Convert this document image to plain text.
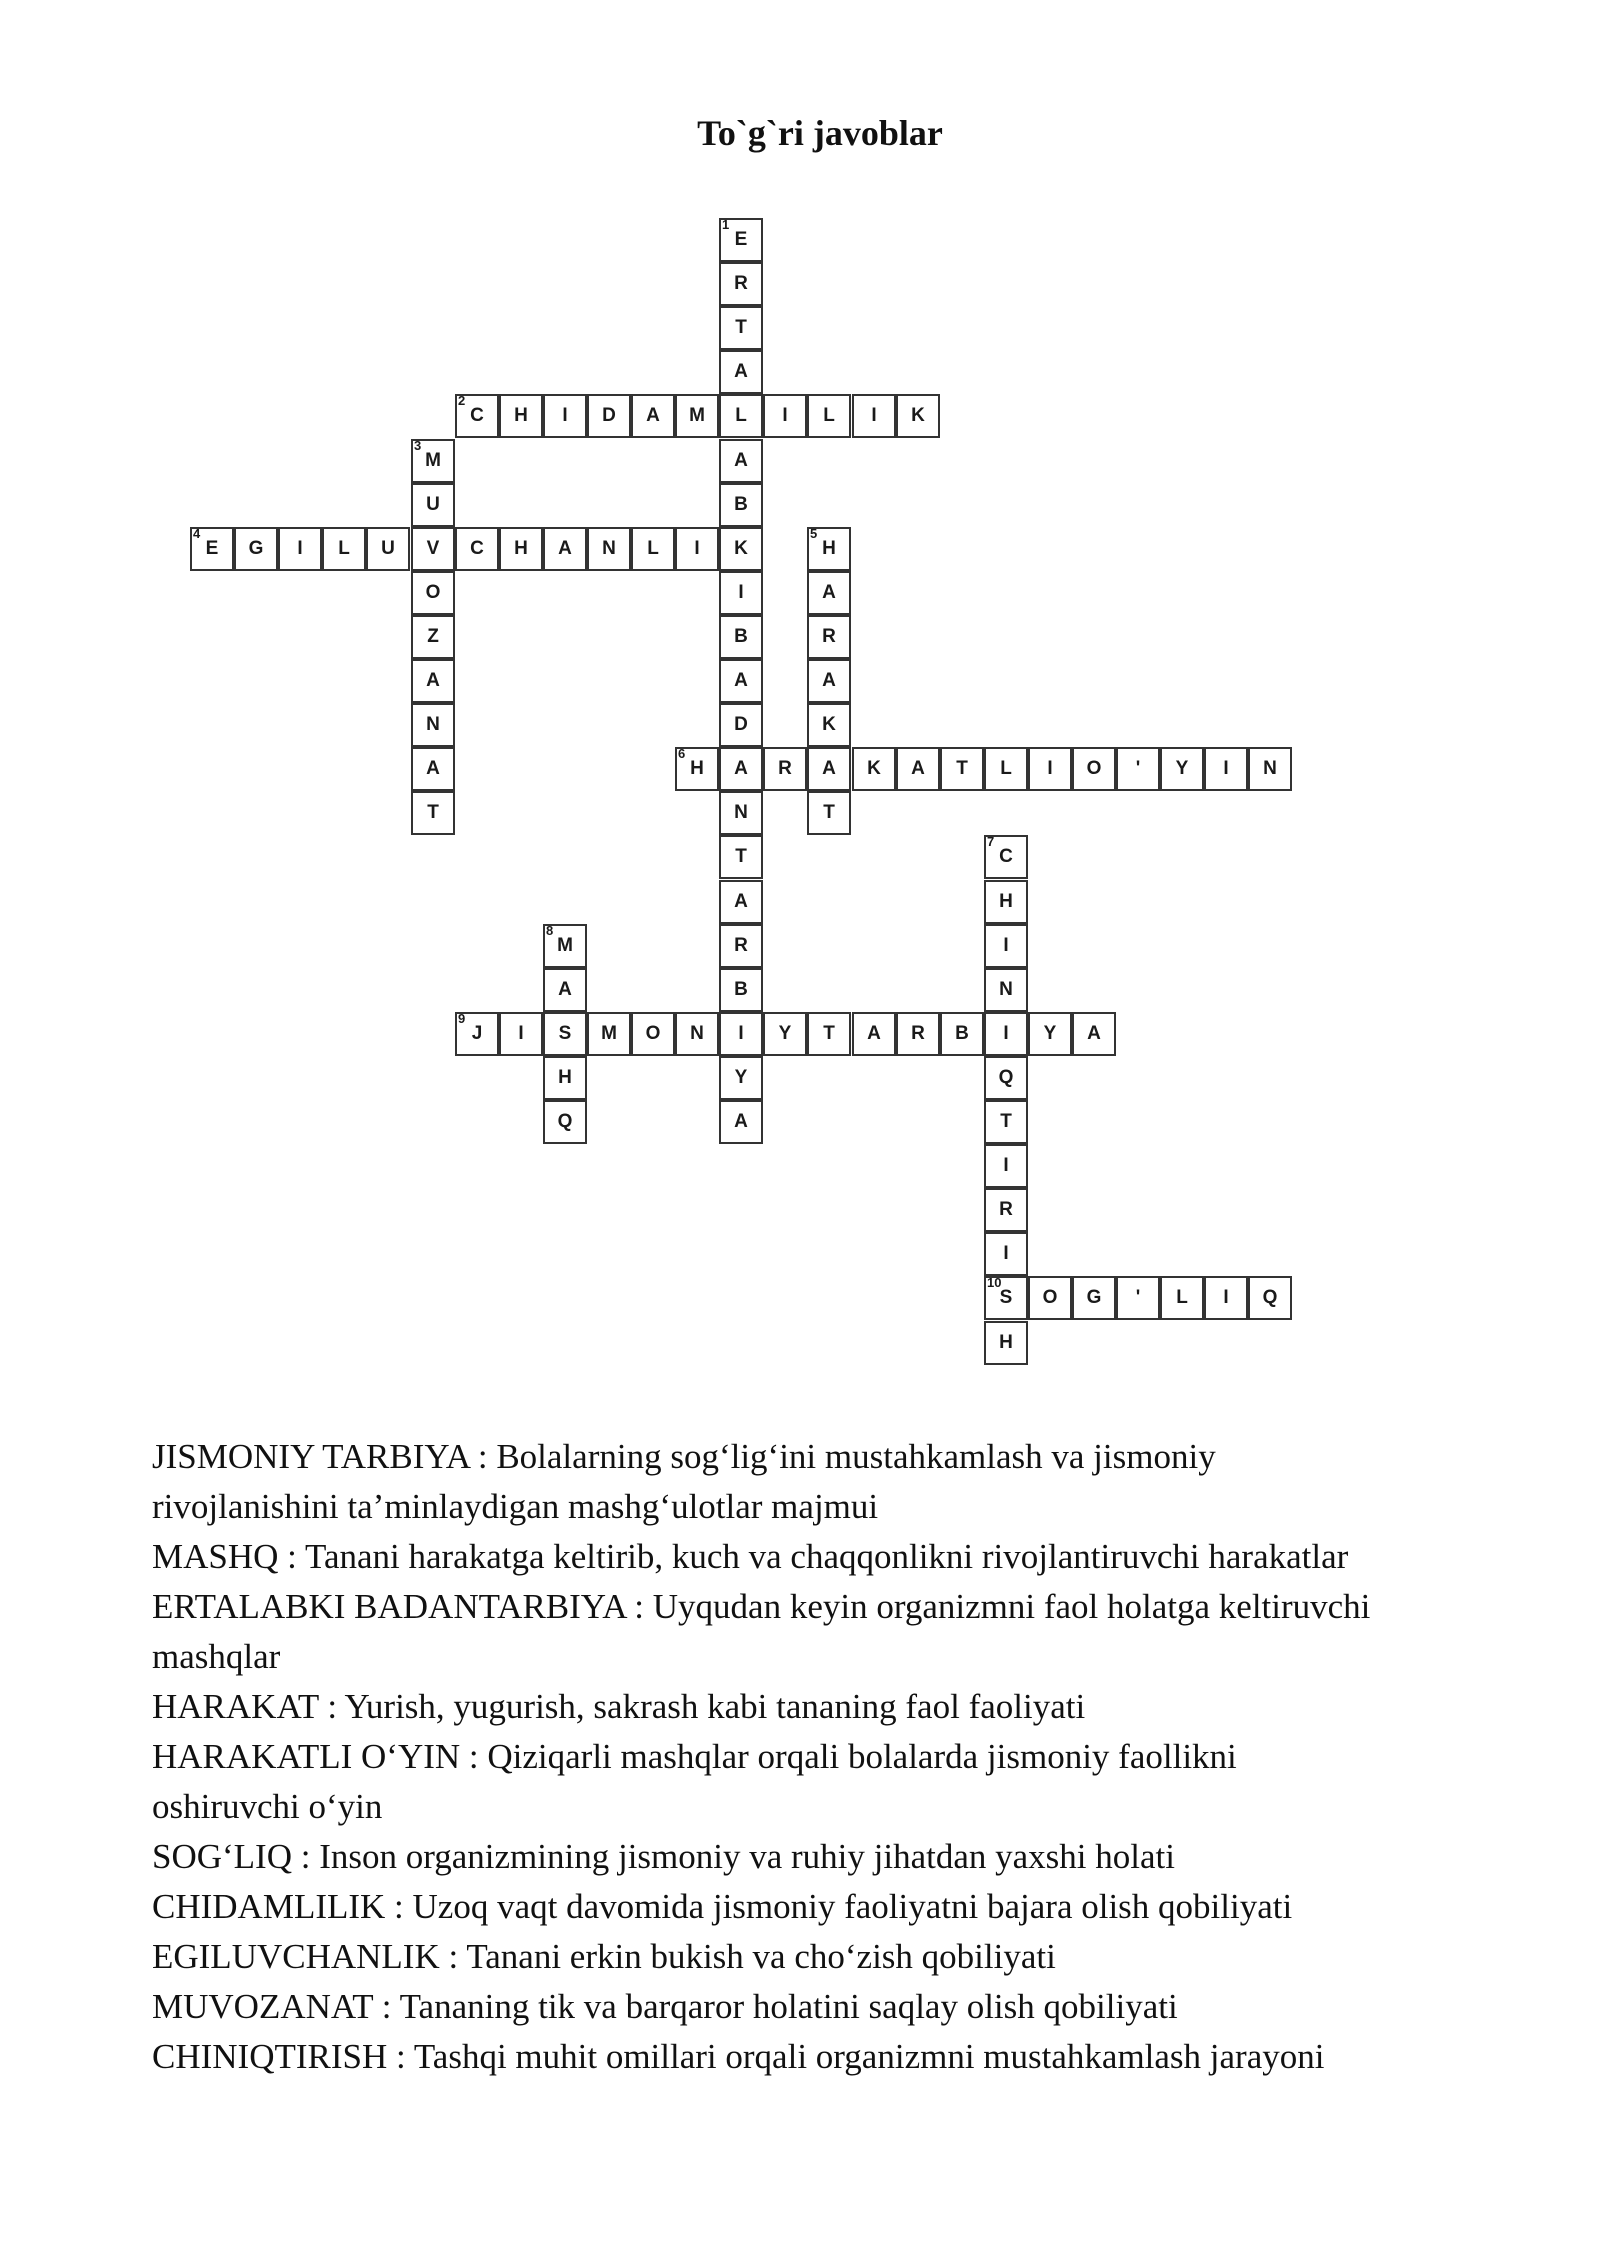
To`g`ri javoblar
E
1
R
T
A
L
A
B
K
I
B
A
D
A
N
T
A
R
B
I
Y
A
C
2
H I D A M	I L I K
M
3
U
V
O
Z
A
N
A
T
E
4
G I L U	C H A N L I	H
5
A
R
A
K
A
T
H
6
R	K A T L I O ' Y I N
C
7
H
I
N
I
Q
T
I
R
I
S
10
H
M
8
A
S
H
Q
J
9
I	M O N	Y T A R B	Y A
O G ' L I Q

JISMONIY TARBIYA : Bolalarning sog‘lig‘ini mustahkamlash va jismoniy

rivojlanishini ta’minlaydigan mashg‘ulotlar majmui

MASHQ : Tanani harakatga keltirib, kuch va chaqqonlikni rivojlantiruvchi harakatlar

ERTALABKI BADANTARBIYA : Uyqudan keyin organizmni faol holatga keltiruvchi

mashqlar

HARAKAT : Yurish, yugurish, sakrash kabi tananing faol faoliyati

HARAKATLI O‘YIN : Qiziqarli mashqlar orqali bolalarda jismoniy faollikni

oshiruvchi o‘yin

SOG‘LIQ : Inson organizmining jismoniy va ruhiy jihatdan yaxshi holati

CHIDAMLILIK : Uzoq vaqt davomida jismoniy faoliyatni bajara olish qobiliyati

EGILUVCHANLIK : Tanani erkin bukish va cho‘zish qobiliyati

MUVOZANAT : Tananing tik va barqaror holatini saqlay olish qobiliyati

CHINIQTIRISH : Tashqi muhit omillari orqali organizmni mustahkamlash jarayoni
